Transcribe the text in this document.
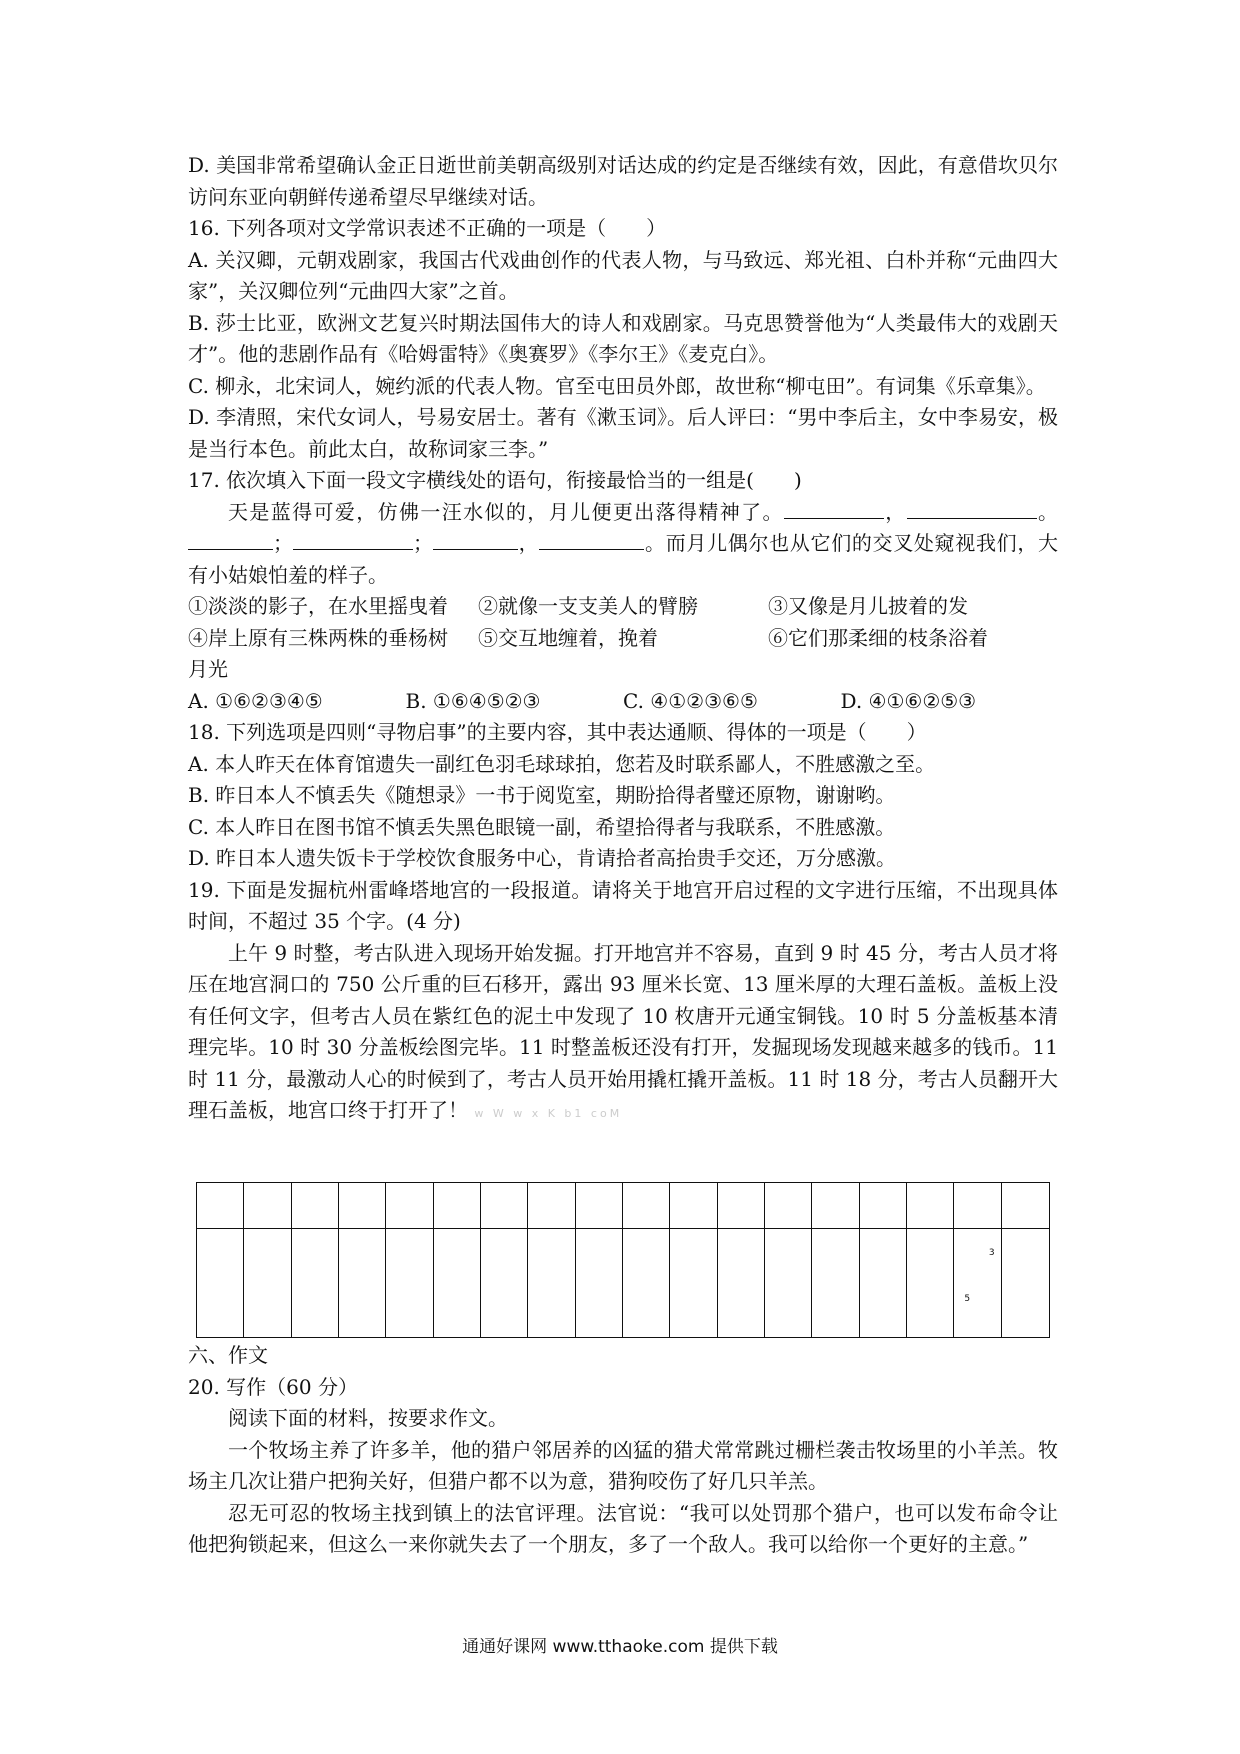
D. 美国非常希望确认金正日逝世前美朝高级别对话达成的约定是否继续有效，因此，有意借坎贝尔访问东亚向朝鲜传递希望尽早继续对话。

16. 下列各项对文学常识表述不正确的一项是（　　）

A. 关汉卿，元朝戏剧家，我国古代戏曲创作的代表人物，与马致远、郑光祖、白朴并称“元曲四大家”，关汉卿位列“元曲四大家”之首。

B. 莎士比亚，欧洲文艺复兴时期法国伟大的诗人和戏剧家。马克思赞誉他为“人类最伟大的戏剧天才”。他的悲剧作品有《哈姆雷特》《奥赛罗》《李尔王》《麦克白》。

C. 柳永，北宋词人，婉约派的代表人物。官至屯田员外郎，故世称“柳屯田”。有词集《乐章集》。

D. 李清照，宋代女词人，号易安居士。著有《漱玉词》。后人评曰：“男中李后主，女中李易安，极是当行本色。前此太白，故称词家三李。”

17. 依次填入下面一段文字横线处的语句，衔接最恰当的一组是(　　)

天是蓝得可爱，仿佛一汪水似的，月儿便更出落得精神了。	，	。；	；	，	。而月儿偶尔也从它们的交叉处窥视我们，大有小姑娘怕羞的样子。

①淡淡的影子，在水里摇曳着	②就像一支支美人的臂膀	③又像是月儿披着的发
④岸上原有三株两株的垂杨树	⑤交互地缠着，挽着	⑥它们那柔细的枝条浴着

月光

A. ①⑥②③④⑤	B. ①⑥④⑤②③	C. ④①②③⑥⑤	D. ④①⑥②⑤③

18. 下列选项是四则“寻物启事”的主要内容，其中表达通顺、得体的一项是（　　）

A. 本人昨天在体育馆遗失一副红色羽毛球球拍，您若及时联系鄙人，不胜感激之至。

B. 昨日本人不慎丢失《随想录》一书于阅览室，期盼拾得者璧还原物，谢谢哟。

C. 本人昨日在图书馆不慎丢失黑色眼镜一副，希望拾得者与我联系，不胜感激。

D. 昨日本人遗失饭卡于学校饮食服务中心，肯请拾者高抬贵手交还，万分感激。

19. 下面是发掘杭州雷峰塔地宫的一段报道。请将关于地宫开启过程的文字进行压缩，不出现具体时间，不超过 35 个字。(4 分)

上午 9 时整，考古队进入现场开始发掘。打开地宫并不容易，直到 9 时 45 分，考古人员才将压在地宫洞口的 750 公斤重的巨石移开，露出 93 厘米长宽、13 厘米厚的大理石盖板。盖板上没有任何文字，但考古人员在紫红色的泥土中发现了 10 枚唐开元通宝铜钱。10 时 5 分盖板基本清理完毕。10 时 30 分盖板绘图完毕。11 时整盖板还没有打开，发掘现场发现越来越多的钱币。11 时 11 分，最激动人心的时候到了，考古人员开始用撬杠撬开盖板。11 时 18 分，考古人员翻开大理石盖板，地宫口终于打开了！ w W w x K b1 coM

3
5

六、作文

20. 写作（60 分）

阅读下面的材料，按要求作文。

一个牧场主养了许多羊，他的猎户邻居养的凶猛的猎犬常常跳过栅栏袭击牧场里的小羊羔。牧场主几次让猎户把狗关好，但猎户都不以为意，猎狗咬伤了好几只羊羔。

忍无可忍的牧场主找到镇上的法官评理。法官说：“我可以处罚那个猎户，也可以发布命令让他把狗锁起来，但这么一来你就失去了一个朋友，多了一个敌人。我可以给你一个更好的主意。”

通通好课网 www.tthaoke.com 提供下载
